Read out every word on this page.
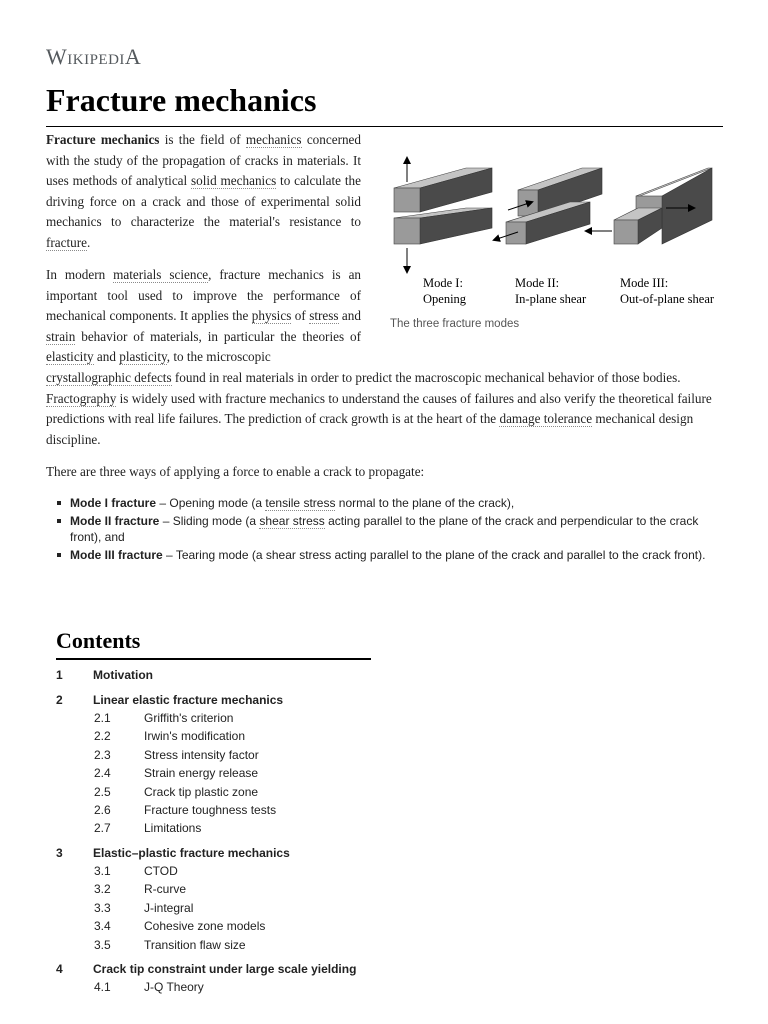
WikipediA
Fracture mechanics

Fracture mechanics is the field of mechanics concerned with the study of the propagation of cracks in materials. It uses methods of analytical solid mechanics to calculate the driving force on a crack and those of experimental solid mechanics to characterize the material's resistance to fracture.

In modern materials science, fracture mechanics is an important tool used to improve the performance of mechanical components. It applies the physics of stress and strain behavior of materials, in particular the theories of elasticity and plasticity, to the microscopic

crystallographic defects found in real materials in order to predict the macroscopic mechanical behavior of those bodies. Fractography is widely used with fracture mechanics to understand the causes of failures and also verify the theoretical failure predictions with real life failures. The prediction of crack growth is at the heart of the damage tolerance mechanical design discipline.

Mode I:
Opening
Mode II:
In-plane shear
Mode III:
Out-of-plane shear
The three fracture modes

There are three ways of applying a force to enable a crack to propagate:

Mode I fracture – Opening mode (a tensile stress normal to the plane of the crack),
Mode II fracture – Sliding mode (a shear stress acting parallel to the plane of the crack and perpendicular to the crack front), and
Mode III fracture – Tearing mode (a shear stress acting parallel to the plane of the crack and parallel to the crack front).
Contents
1	Motivation
2	Linear elastic fracture mechanics
2.1	Griffith's criterion
2.2	Irwin's modification
2.3	Stress intensity factor
2.4	Strain energy release
2.5	Crack tip plastic zone
2.6	Fracture toughness tests
2.7	Limitations
3	Elastic–plastic fracture mechanics
3.1	CTOD
3.2	R-curve
3.3	J-integral
3.4	Cohesive zone models
3.5	Transition flaw size
4	Crack tip constraint under large scale yielding
4.1	J-Q Theory
